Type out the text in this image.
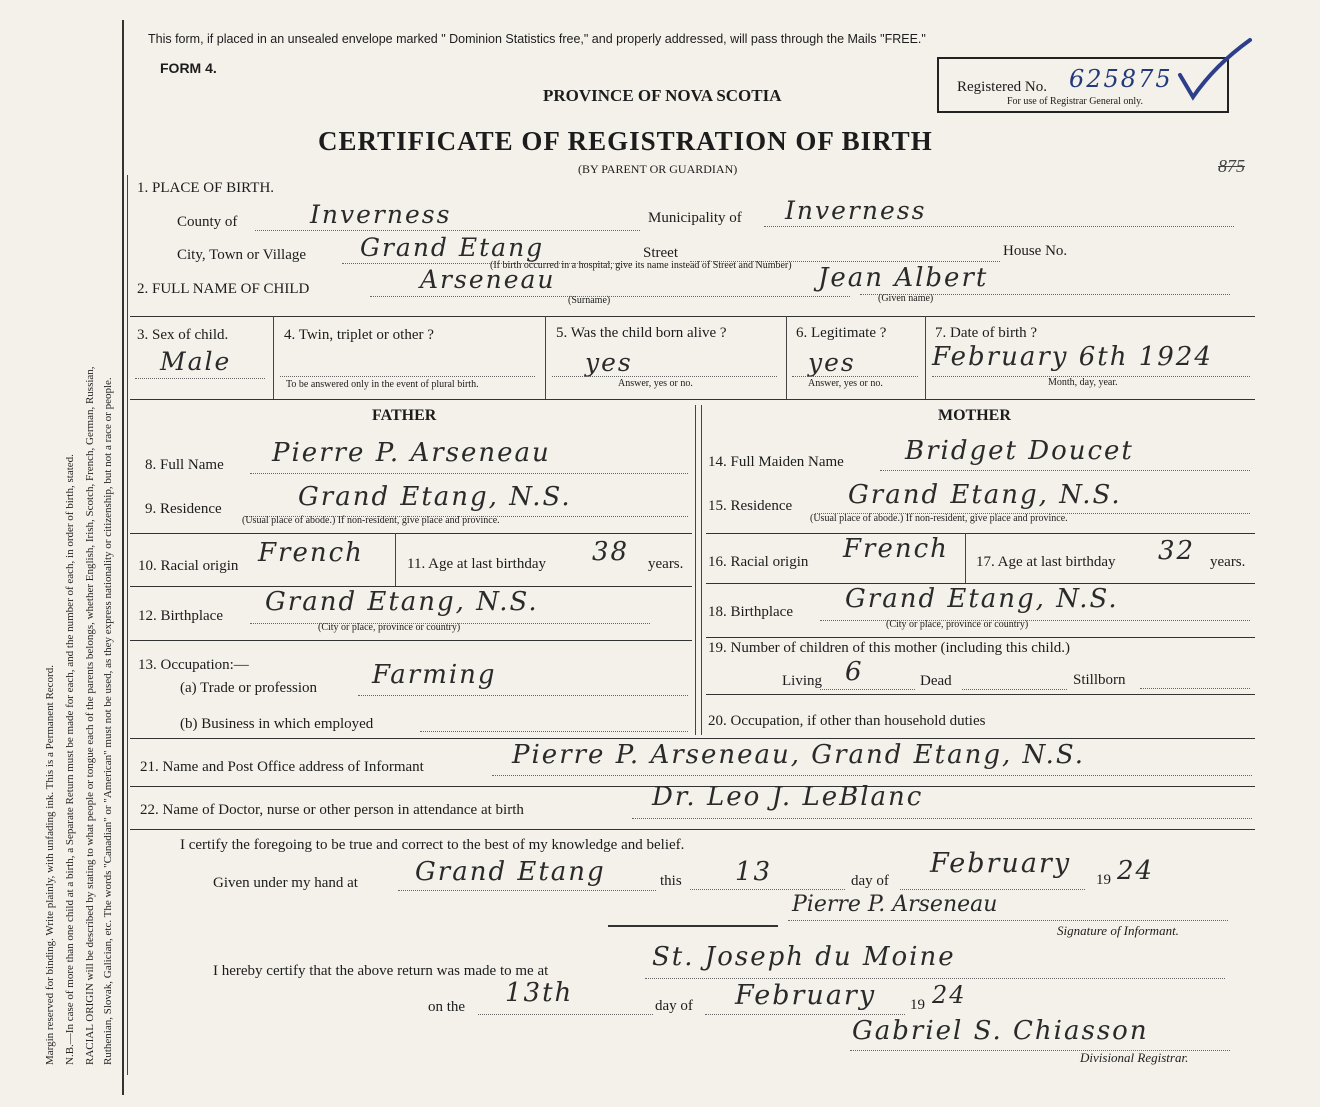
Margin reserved for binding. Write plainly, with unfading ink. This is a Permanent Record. N.B.—In case of more than one child at a birth, a Separate Return must be made for each, and the number of each, in order of birth, stated. RACIAL ORIGIN will be described by stating to what people or tongue each of the parents belongs, whether English, Irish, Scotch, French, German, Russian, Ruthenian, Slovak, Galician, etc. The words "Canadian" or "American" must not be used, as they express nationality or citizenship, but not a race or people.
This form, if placed in an unsealed envelope marked " Dominion Statistics free," and properly addressed, will pass through the Mails "FREE."
FORM 4.
PROVINCE OF NOVA SCOTIA
CERTIFICATE OF REGISTRATION OF BIRTH
(BY PARENT OR GUARDIAN)
Registered No. 625875
For use of Registrar General only.
875
1. PLACE OF BIRTH.
County of	Inverness	Municipality of Inverness
City, Town or Village Grand Etang	Street	House No.
(If birth occurred in a hospital, give its name instead of Street and Number)
2. FULL NAME OF CHILD	Arseneau
(Surname)
Jean Albert
(Given name)
3. Sex of child.
Male
4. Twin, triplet or other ?
To be answered only in the event of plural birth.
5. Was the child born alive ?
yes
Answer, yes or no.
6. Legitimate ?
yes
Answer, yes or no.
7. Date of birth ?
February 6th 1924
Month, day, year.
FATHER
8. Full Name Pierre P. Arseneau
9. Residence	Grand Etang, N.S.
(Usual place of abode.) If non-resident, give place and province.
10. Racial origin French	11. Age at last birthday 38 years.
12. Birthplace Grand Etang, N.S.
(City or place, province or country)
13. Occupation:—
(a) Trade or profession Farming
(b) Business in which employed
MOTHER
14. Full Maiden Name Bridget Doucet
15. Residence Grand Etang, N.S.
(Usual place of abode.) If non-resident, give place and province.
16. Racial origin French 17. Age at last birthday 32 years.
18. Birthplace Grand Etang, N.S.
(City or place, province or country)
19. Number of children of this mother (including this child.)
Living 6	Dead	Stillborn
20. Occupation, if other than household duties
21. Name and Post Office address of Informant	Pierre P. Arseneau, Grand Etang, N.S.
22. Name of Doctor, nurse or other person in attendance at birth	Dr. Leo J. LeBlanc
I certify the foregoing to be true and correct to the best of my knowledge and belief.
Given under my hand at Grand Etang	this 13	day of
February
19 24
Pierre P. Arseneau
Signature of Informant.
I hereby certify that the above return was made to me at	St. Joseph du Moine
on the 13th	day of February 19 24
Gabriel S. Chiasson
Divisional Registrar.
